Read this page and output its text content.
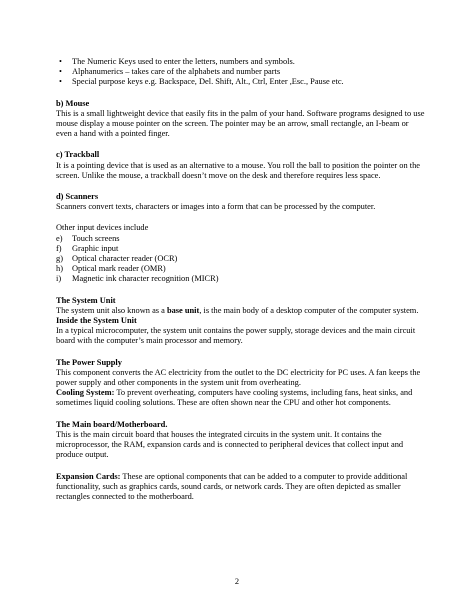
• The Numeric Keys used to enter the letters, numbers and symbols.
• Alphanumerics – takes care of the alphabets and number parts
• Special purpose keys e.g. Backspace, Del. Shift, Alt., Ctrl, Enter ,Esc., Pause etc.
b) Mouse
This is a small lightweight device that easily fits in the palm of your hand. Software programs designed to use mouse display a mouse pointer on the screen. The pointer may be an arrow, small rectangle, an I-beam or even a hand with a pointed finger.
c) Trackball
It is a pointing device that is used as an alternative to a mouse. You roll the ball to position the pointer on the screen. Unlike the mouse, a trackball doesn’t move on the desk and therefore requires less space.
d) Scanners
Scanners convert texts, characters or images into a form that can be processed by the computer.
Other input devices include
e) Touch screens
f) Graphic input
g) Optical character reader (OCR)
h) Optical mark reader (OMR)
i) Magnetic ink character recognition (MICR)
The System Unit
The system unit also known as a base unit, is the main body of a desktop computer of the computer system.
Inside the System Unit
In a typical microcomputer, the system unit contains the power supply, storage devices and the main circuit board with the computer’s main processor and memory.
The Power Supply
This component converts the AC electricity from the outlet to the DC electricity for PC uses. A fan keeps the power supply and other components in the system unit from overheating.
Cooling System: To prevent overheating, computers have cooling systems, including fans, heat sinks, and sometimes liquid cooling solutions. These are often shown near the CPU and other hot components.
The Main board/Motherboard.
This is the main circuit board that houses the integrated circuits in the system unit. It contains the microprocessor, the RAM, expansion cards and is connected to peripheral devices that collect input and produce output.
Expansion Cards: These are optional components that can be added to a computer to provide additional functionality, such as graphics cards, sound cards, or network cards. They are often depicted as smaller rectangles connected to the motherboard.
2
